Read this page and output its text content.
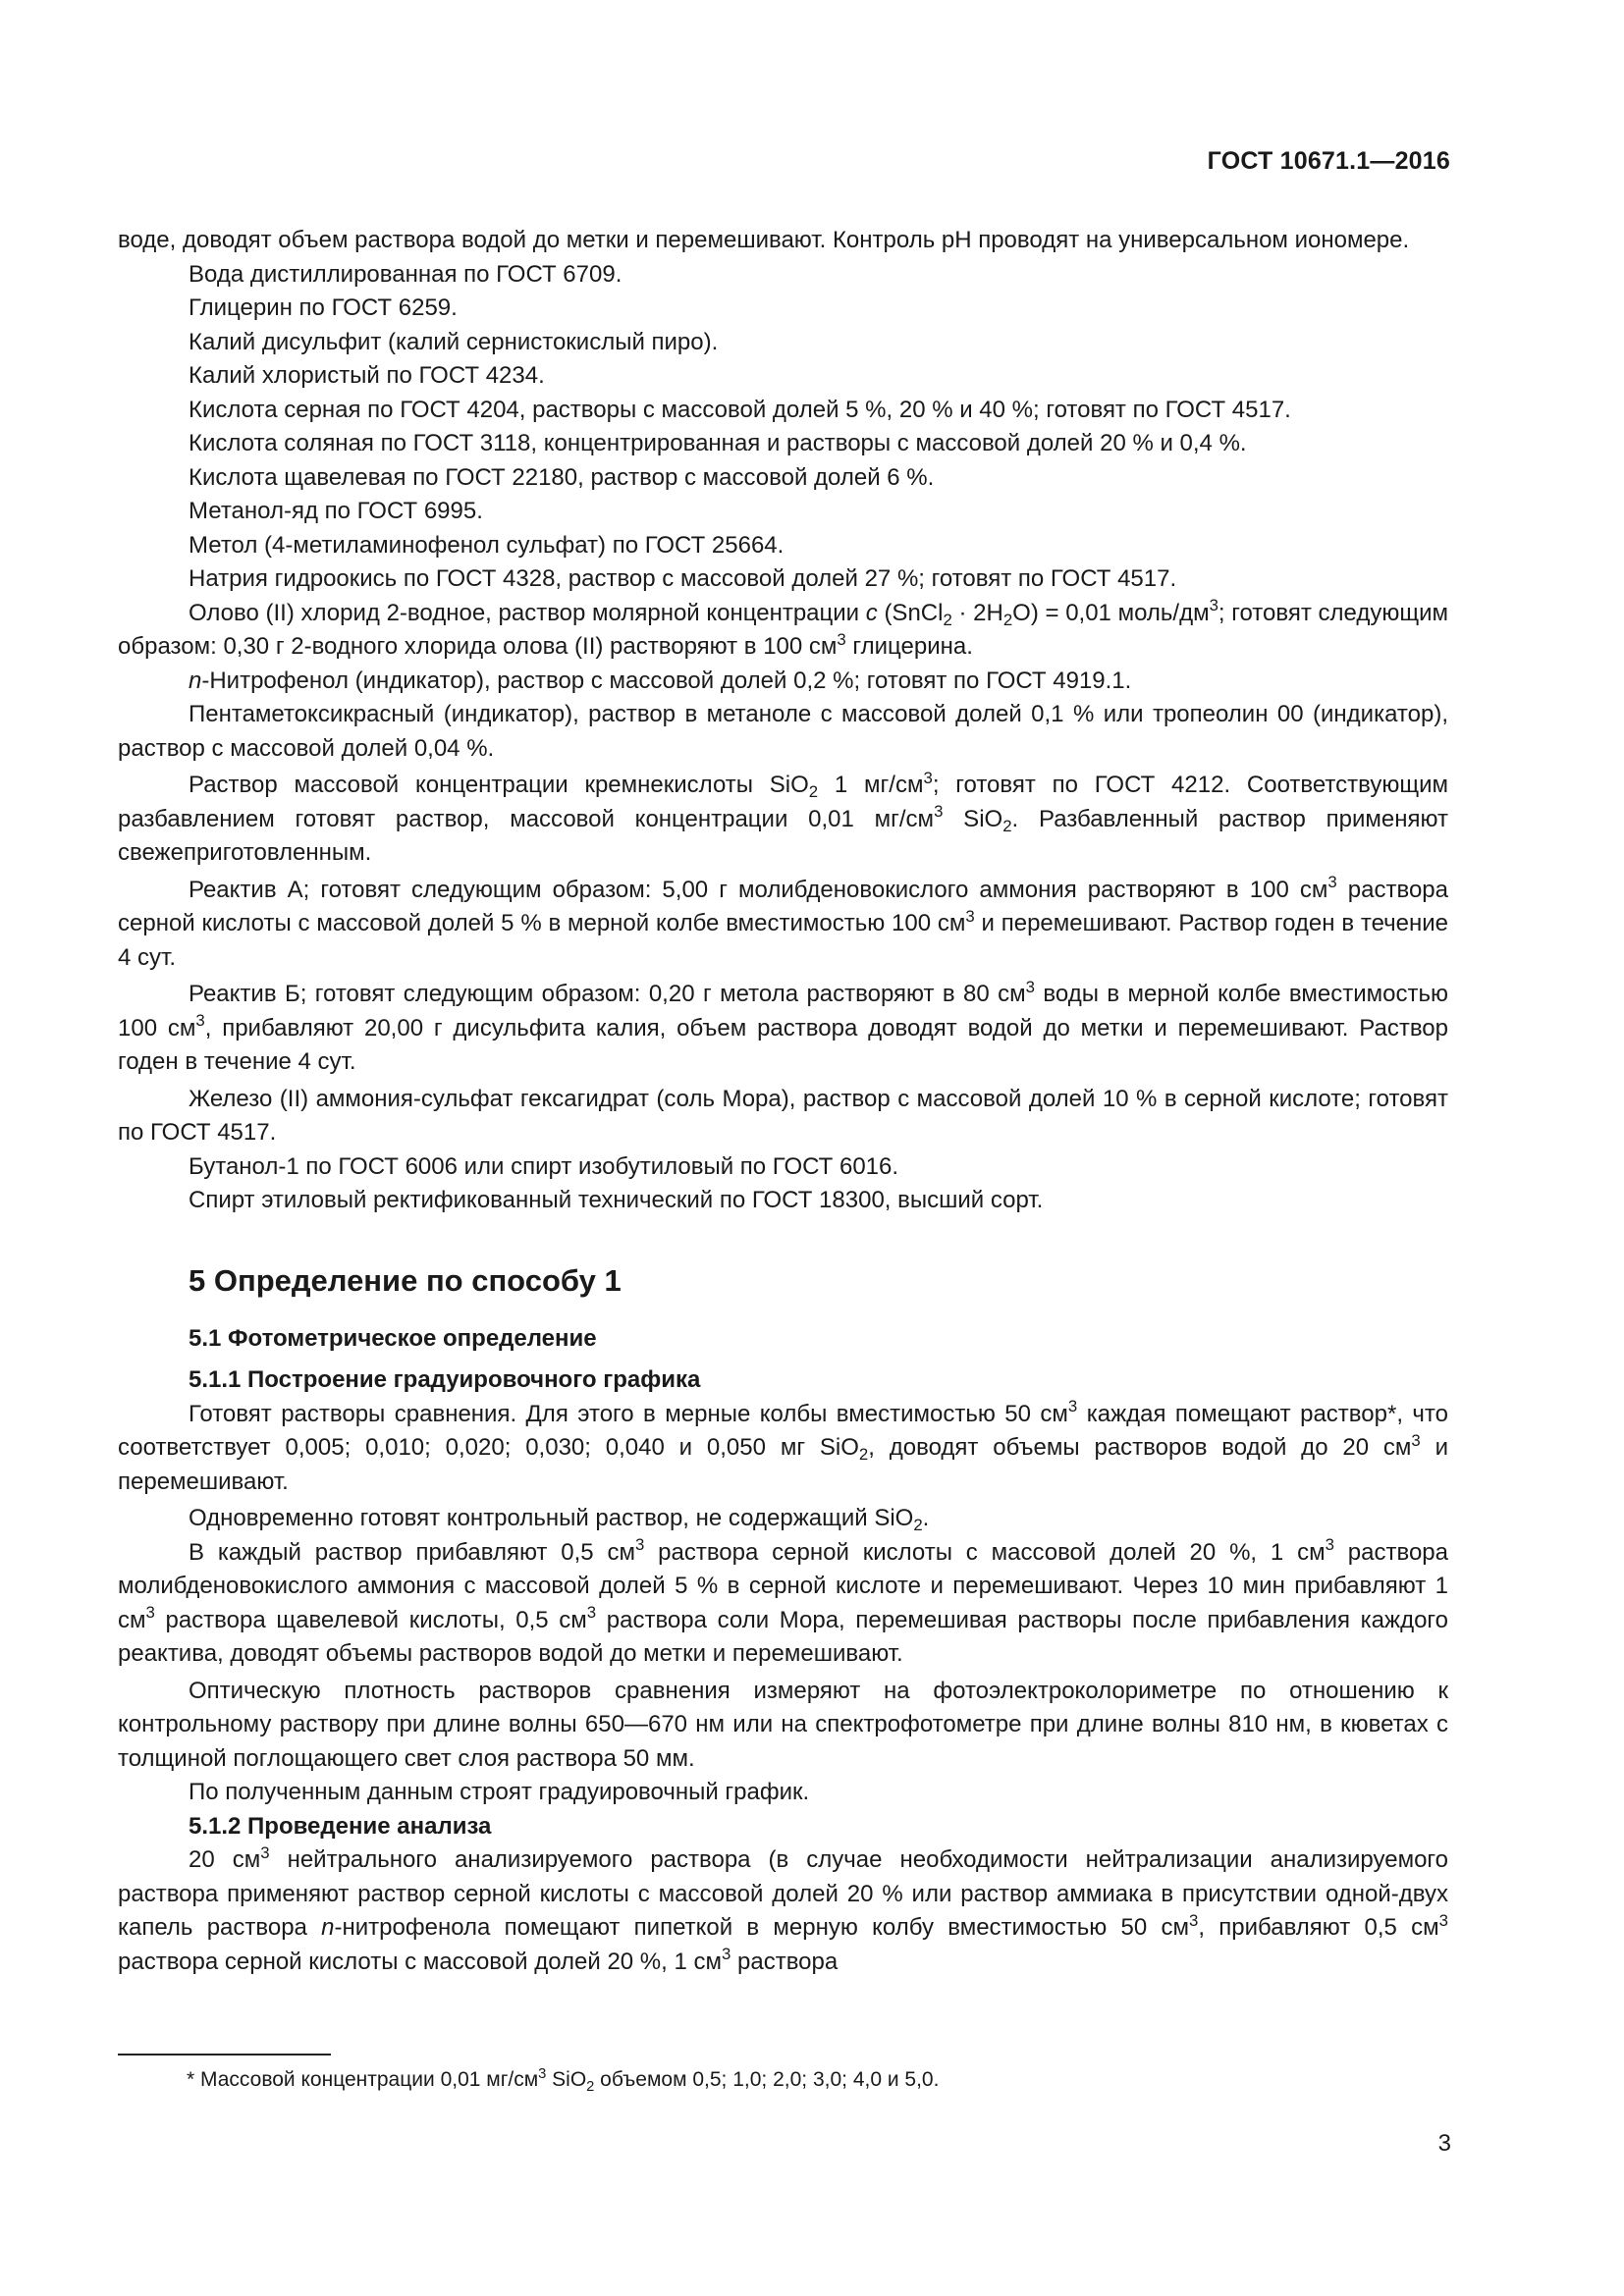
ГОСТ 10671.1—2016

воде, доводят объем раствора водой до метки и перемешивают. Контроль pH проводят на универсальном иономере.

Вода дистиллированная по ГОСТ 6709.

Глицерин по ГОСТ 6259.

Калий дисульфит (калий сернистокислый пиро).

Калий хлористый по ГОСТ 4234.

Кислота серная по ГОСТ 4204, растворы с массовой долей 5 %, 20 % и 40 %; готовят по ГОСТ 4517.

Кислота соляная по ГОСТ 3118, концентрированная и растворы с массовой долей 20 % и 0,4 %.

Кислота щавелевая по ГОСТ 22180, раствор с массовой долей 6 %.

Метанол-яд по ГОСТ 6995.

Метол (4-метиламинофенол сульфат) по ГОСТ 25664.

Натрия гидроокись по ГОСТ 4328, раствор с массовой долей 27 %; готовят по ГОСТ 4517.

Олово (II) хлорид 2-водное, раствор молярной концентрации c (SnCl$_2$ · $2H_2O) = 0,01$ моль/$дм^3$; готовят следующим образом: 0,30 г 2-водного хлорида олова (II) растворяют в 100 $см^3$ глицерина.

n-Нитрофенол (индикатор), раствор с массовой долей 0,2 %; готовят по ГОСТ 4919.1.

Пентаметоксикрасный (индикатор), раствор в метаноле с массовой долей 0,1 % или тропеолин 00 (индикатор), раствор с массовой долей 0,04 %.

Раствор массовой концентрации кремнекислоты SiO$_2$ 1 $мг/см^3$; готовят по ГОСТ 4212. Соответствующим разбавлением готовят раствор, массовой концентрации 0,01 $мг/см^3$ SiO$_2$. Разбавленный раствор применяют свежеприготовленным.

Реактив А; готовят следующим образом: 5,00 г молибденовокислого аммония растворяют в 100 $см^3$ раствора серной кислоты с массовой долей 5 % в мерной колбе вместимостью 100 $см^3$ и перемешивают. Раствор годен в течение 4 сут.

Реактив Б; готовят следующим образом: 0,20 г метола растворяют в 80 $см^3$ воды в мерной колбе вместимостью 100 $см^3$, прибавляют 20,00 г дисульфита калия, объем раствора доводят водой до метки и перемешивают. Раствор годен в течение 4 сут.

Железо (II) аммония-сульфат гексагидрат (соль Мора), раствор с массовой долей 10 % в серной кислоте; готовят по ГОСТ 4517.

Бутанол-1 по ГОСТ 6006 или спирт изобутиловый по ГОСТ 6016.

Спирт этиловый ректификованный технический по ГОСТ 18300, высший сорт.

5 Определение по способу 1
5.1 Фотометрическое определение
5.1.1 Построение градуировочного графика

Готовят растворы сравнения. Для этого в мерные колбы вместимостью 50 $см^3$ каждая помещают раствор*, что соответствует 0,005; 0,010; 0,020; 0,030; 0,040 и 0,050 мг SiO$_2$, доводят объемы растворов водой до 20 $см^3$ и перемешивают.

Одновременно готовят контрольный раствор, не содержащий SiO$_2$.

В каждый раствор прибавляют 0,5 $см^3$ раствора серной кислоты с массовой долей 20 %, 1 $см^3$ раствора молибденовокислого аммония с массовой долей 5 % в серной кислоте и перемешивают. Через 10 мин прибавляют 1 $см^3$ раствора щавелевой кислоты, 0,5 $см^3$ раствора соли Мора, перемешивая растворы после прибавления каждого реактива, доводят объемы растворов водой до метки и перемешивают.

Оптическую плотность растворов сравнения измеряют на фотоэлектроколориметре по отношению к контрольному раствору при длине волны 650—670 нм или на спектрофотометре при длине волны 810 нм, в кюветах с толщиной поглощающего свет слоя раствора 50 мм.

По полученным данным строят градуировочный график.

5.1.2 Проведение анализа

20 $см^3$ нейтрального анализируемого раствора (в случае необходимости нейтрализации анализируемого раствора применяют раствор серной кислоты с массовой долей 20 % или раствор аммиака в присутствии одной-двух капель раствора n-нитрофенола помещают пипеткой в мерную колбу вместимостью 50 $см^3$, прибавляют 0,5 $см^3$ раствора серной кислоты с массовой долей 20 %, 1 $см^3$ раствора

* Массовой концентрации 0,01 $мг/см^3$ SiO$_2$ объемом 0,5; 1,0; 2,0; 3,0; 4,0 и 5,0.
3
